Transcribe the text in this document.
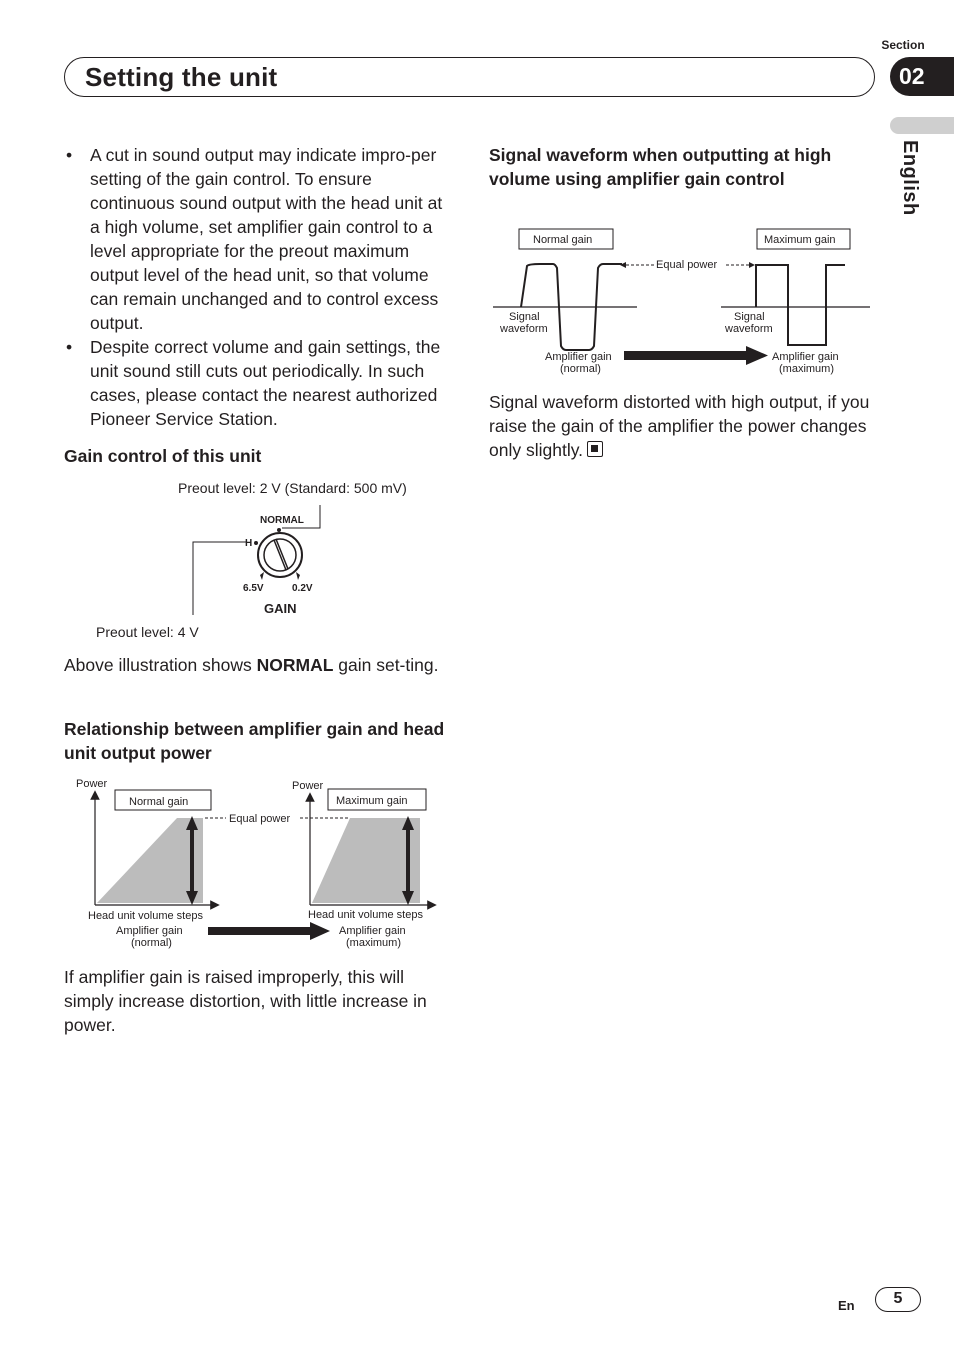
Section
02
Setting the unit
English
• A cut in sound output may indicate impro-per setting of the gain control. To ensure continuous sound output with the head unit at a high volume, set amplifier gain control to a level appropriate for the preout maximum output level of the head unit, so that volume can remain unchanged and to control excess output.
• Despite correct volume and gain settings, the unit sound still cuts out periodically. In such cases, please contact the nearest authorized Pioneer Service Station.
Gain control of this unit
Preout level: 2 V (Standard: 500 mV)
Preout level: 4 V
NORMAL
H
6.5V	0.2V
GAIN
Above illustration shows NORMAL gain set-ting.
Relationship between amplifier gain and head unit output power
Power
Normal gain
Head unit volume steps
Amplifier gain
(normal)
Equal power
Power
Maximum gain
Head unit volume steps
Amplifier gain
(maximum)
If amplifier gain is raised improperly, this will simply increase distortion, with little increase in power.
Signal waveform when outputting at high volume using amplifier gain control
Normal gain	Maximum gain
Equal power
Signal
waveform
Signal
waveform
Amplifier gain
(normal)
Amplifier gain
(maximum)
Signal waveform distorted with high output, if you raise the gain of the amplifier the power changes only slightly.
En	5
